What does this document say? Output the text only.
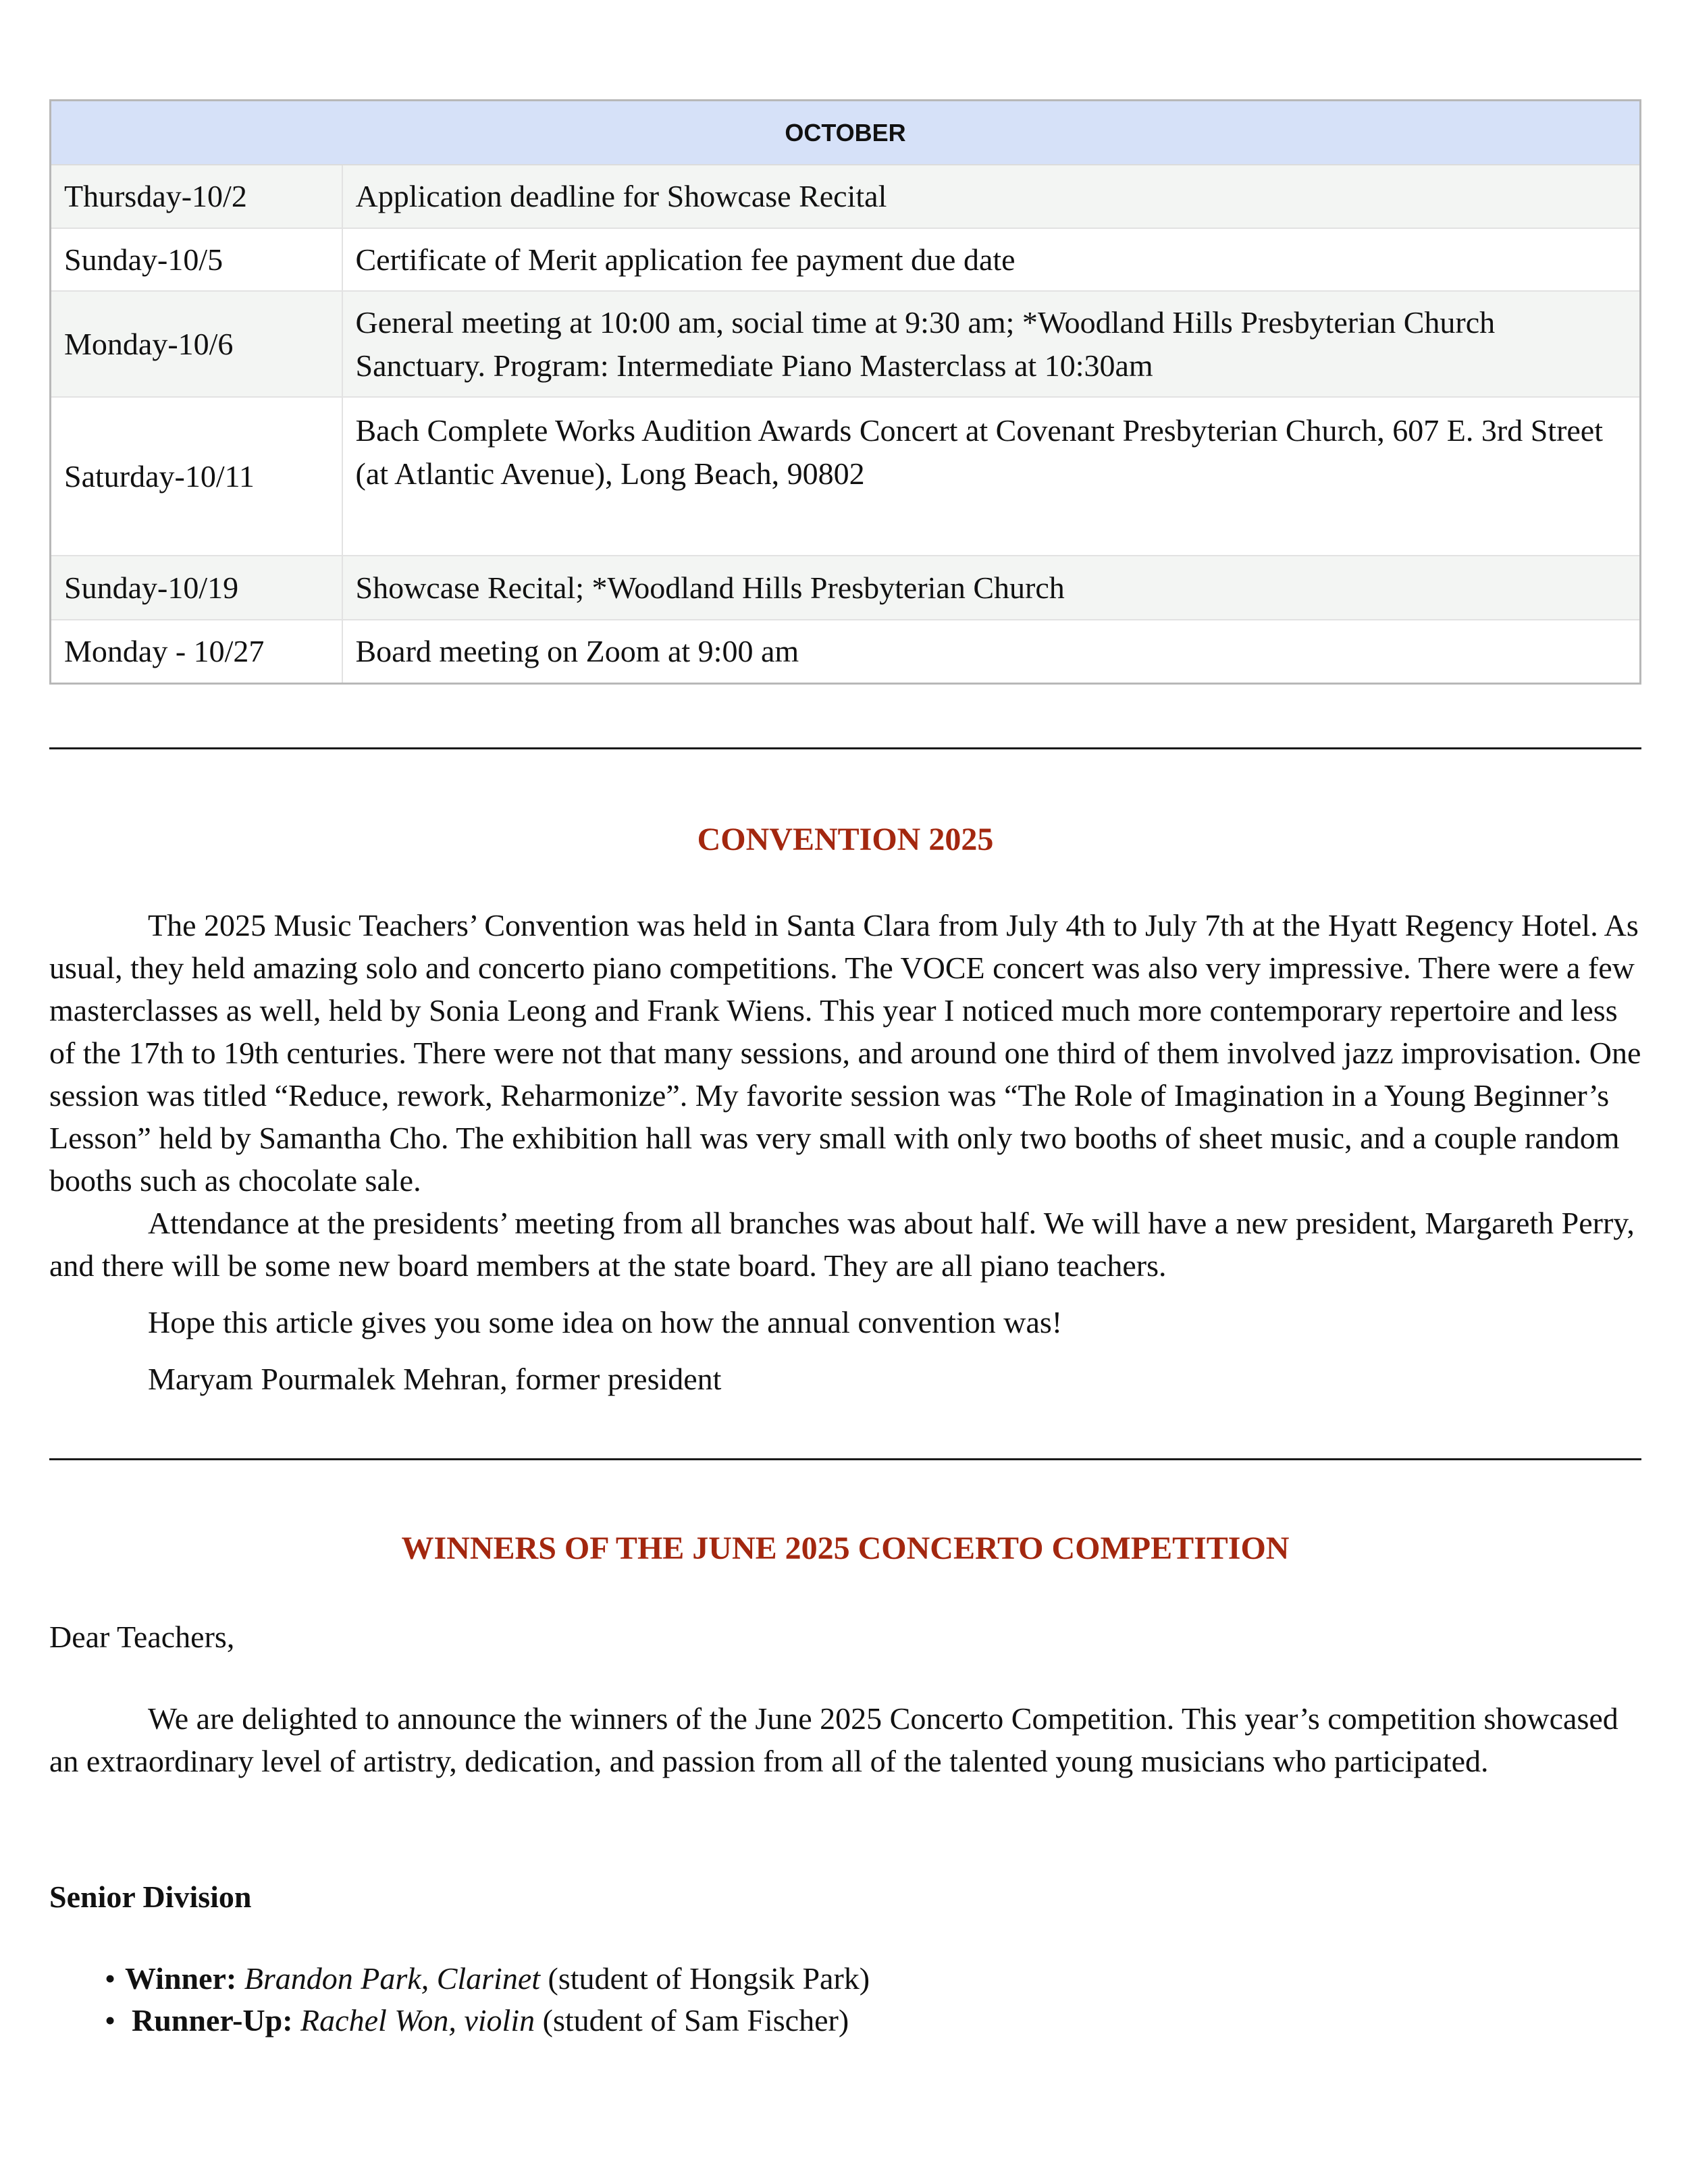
OCTOBER	
Thursday-10/2	Application deadline for Showcase Recital
Sunday-10/5	Certificate of Merit application fee payment due date
Monday-10/6	General meeting at 10:00 am, social time at 9:30 am; *Woodland Hills Presbyterian Church Sanctuary. Program: Intermediate Piano Masterclass at 10:30am
Saturday-10/11	Bach Complete Works Audition Awards Concert at Covenant Presbyterian Church, 607 E. 3rd Street (at Atlantic Avenue), Long Beach, 90802
Sunday-10/19	Showcase Recital; *Woodland Hills Presbyterian Church
Monday - 10/27	Board meeting on Zoom at 9:00 am
CONVENTION 2025

The 2025 Music Teachers’ Convention was held in Santa Clara from July 4th to July 7th at the Hyatt Regency Hotel. As usual, they held amazing solo and concerto piano competitions. The VOCE concert was also very impressive. There were a few masterclasses as well, held by Sonia Leong and Frank Wiens. This year I noticed much more contemporary repertoire and less of the 17th to 19th centuries. There were not that many sessions, and around one third of them involved jazz improvisation. One session was titled “Reduce, rework, Reharmonize”. My favorite session was “The Role of Imagination in a Young Beginner’s Lesson” held by Samantha Cho. The exhibition hall was very small with only two booths of sheet music, and a couple random booths such as chocolate sale.

Attendance at the presidents’ meeting from all branches was about half. We will have a new president, Margareth Perry, and there will be some new board members at the state board. They are all piano teachers.

Hope this article gives you some idea on how the annual convention was!

Maryam Pourmalek Mehran, former president

WINNERS OF THE JUNE 2025 CONCERTO COMPETITION
Dear Teachers,

We are delighted to announce the winners of the June 2025 Concerto Competition. This year’s competition showcased an extraordinary level of artistry, dedication, and passion from all of the talented young musicians who participated.

Senior Division
• Winner: Brandon Park, Clarinet (student of Hongsik Park)
• Runner-Up: Rachel Won, violin (student of Sam Fischer)
